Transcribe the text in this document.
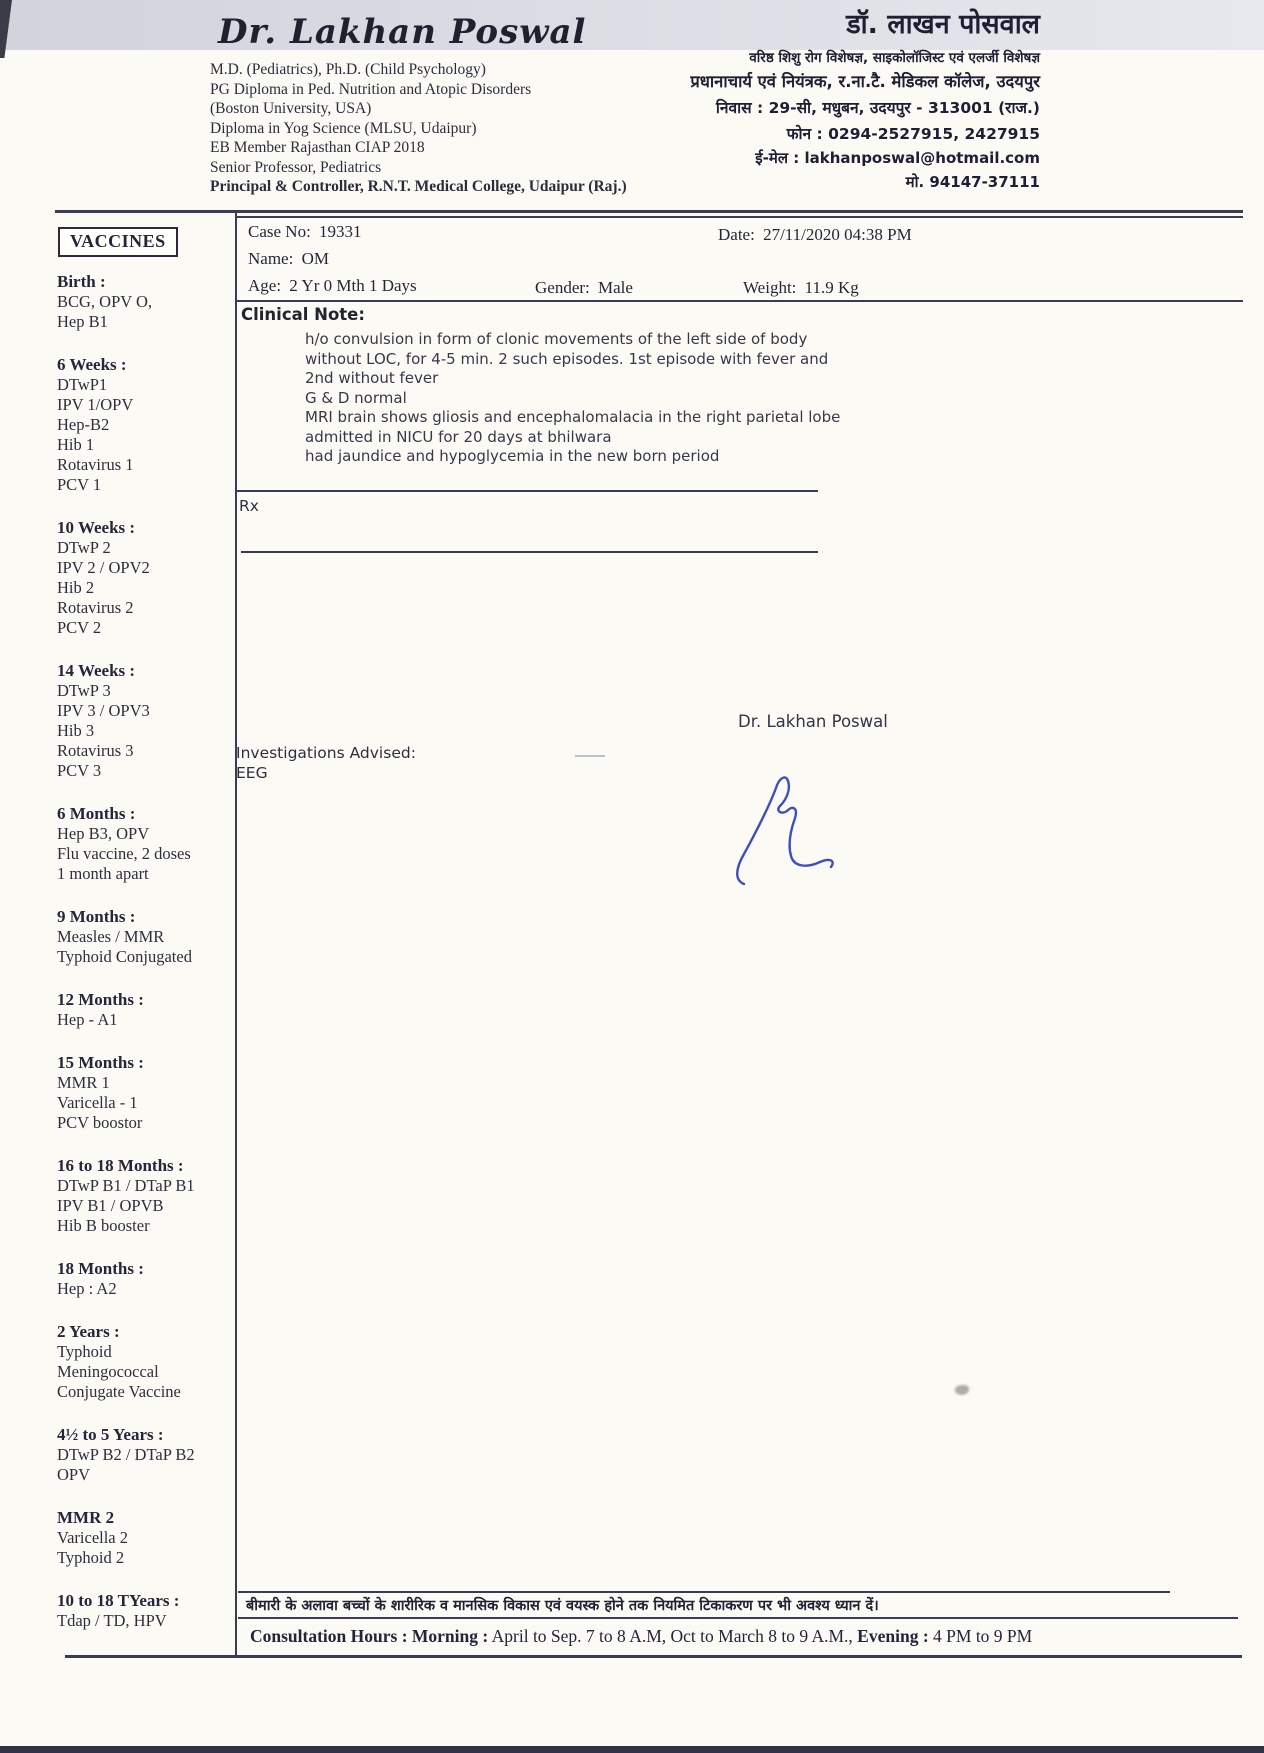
Dr. Lakhan Poswal
M.D. (Pediatrics), Ph.D. (Child Psychology)
PG Diploma in Ped. Nutrition and Atopic Disorders
(Boston University, USA)
Diploma in Yog Science (MLSU, Udaipur)
EB Member Rajasthan CIAP 2018
Senior Professor, Pediatrics
Principal & Controller, R.N.T. Medical College, Udaipur (Raj.)
डॉ. लाखन पोसवाल
वरिष्ठ शिशु रोग विशेषज्ञ, साइकोलॉजिस्ट एवं एलर्जी विशेषज्ञ
प्रधानाचार्य एवं नियंत्रक, र.ना.टै. मेडिकल कॉलेज, उदयपुर
निवास : 29-सी, मधुबन, उदयपुर - 313001 (राज.)
फोन : 0294-2527915, 2427915
ई-मेल : lakhanposwal@hotmail.com
मो. 94147-37111
VACCINES
Birth :
BCG, OPV O,
Hep B1
6 Weeks :
DTwP1
IPV 1/OPV
Hep-B2
Hib 1
Rotavirus 1
PCV 1
10 Weeks :
DTwP 2
IPV 2 / OPV2
Hib 2
Rotavirus 2
PCV 2
14 Weeks :
DTwP 3
IPV 3 / OPV3
Hib 3
Rotavirus 3
PCV 3
6 Months :
Hep B3, OPV
Flu vaccine, 2 doses
1 month apart
9 Months :
Measles / MMR
Typhoid Conjugated
12 Months :
Hep - A1
15 Months :
MMR 1
Varicella - 1
PCV boostor
16 to 18 Months :
DTwP B1 / DTaP B1
IPV B1 / OPVB
Hib B booster
18 Months :
Hep : A2
2 Years :
Typhoid
Meningococcal
Conjugate Vaccine
4½ to 5 Years :
DTwP B2 / DTaP B2
OPV
MMR 2
Varicella 2
Typhoid 2
10 to 18 TYears :
Tdap / TD, HPV
Case No: 19331	Date: 27/11/2020 04:38 PM
Name: OM
Age: 2 Yr 0 Mth 1 Days	Gender: Male	Weight: 11.9 Kg
Clinical Note:
h/o convulsion in form of clonic movements of the left side of body
without LOC, for 4-5 min. 2 such episodes. 1st episode with fever and
2nd without fever
G & D normal
MRI brain shows gliosis and encephalomalacia in the right parietal lobe
admitted in NICU for 20 days at bhilwara
had jaundice and hypoglycemia in the new born period
Rx
Dr. Lakhan Poswal
Investigations Advised:
EEG
बीमारी के अलावा बच्चों के शारीरिक व मानसिक विकास एवं वयस्क होने तक नियमित टिकाकरण पर भी अवश्य ध्यान दें।
Consultation Hours : Morning : April to Sep. 7 to 8 A.M, Oct to March 8 to 9 A.M., Evening : 4 PM to 9 PM
